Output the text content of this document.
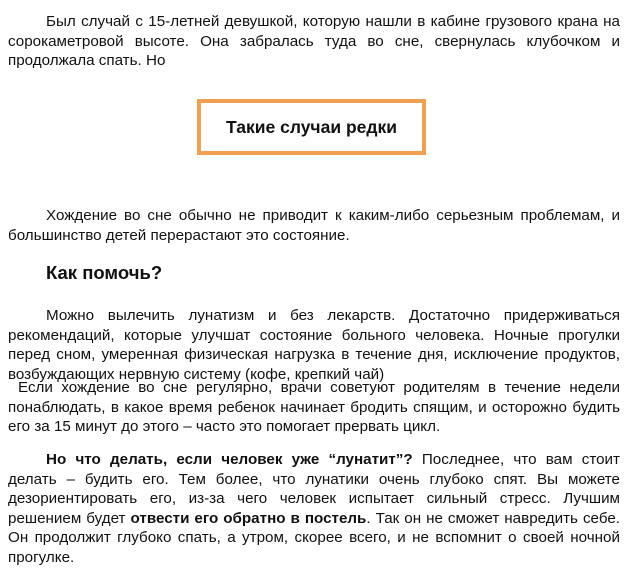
Был случай с 15-летней девушкой, которую нашли в кабине грузового крана на сорокаметровой высоте. Она забралась туда во сне, свернулась клубочком и продолжала спать. Но

Такие случаи редки

Хождение во сне обычно не приводит к каким-либо серьезным проблемам, и большинство детей перерастают это состояние.

Как помочь?

Можно вылечить лунатизм и без лекарств. Достаточно придерживаться рекомендаций, которые улучшат состояние больного человека. Ночные прогулки перед сном, умеренная физическая нагрузка в течение дня, исключение продуктов, возбуждающих нервную систему (кофе, крепкий чай)

Если хождение во сне регулярно, врачи советуют родителям в течение недели понаблюдать, в какое время ребенок начинает бродить спящим, и осторожно будить его за 15 минут до этого – часто это помогает прервать цикл.

Но что делать, если человек уже “лунатит”? Последнее, что вам стоит делать – будить его. Тем более, что лунатики очень глубоко спят. Вы можете дезориентировать его, из-за чего человек испытает сильный стресс. Лучшим решением будет отвести его обратно в постель. Так он не сможет навредить себе. Он продолжит глубоко спать, а утром, скорее всего, и не вспомнит о своей ночной прогулке.
